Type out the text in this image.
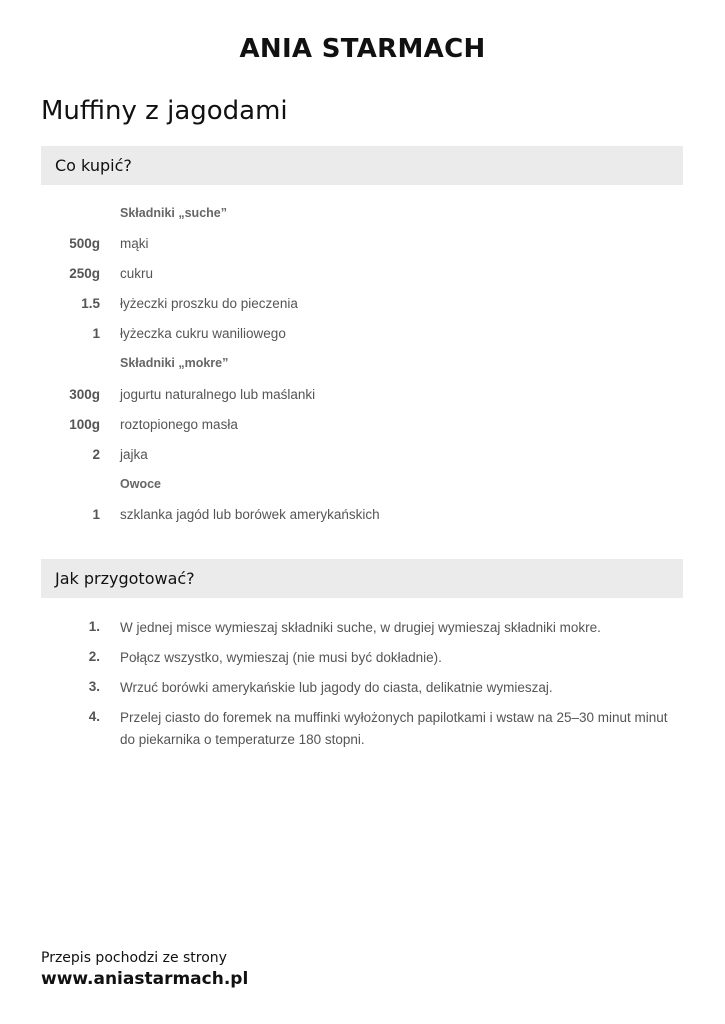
ANIA STARMACH
Muffiny z jagodami
Co kupić?
Składniki „suche”
500g mąki
250g cukru
1.5 łyżeczki proszku do pieczenia
1 łyżeczka cukru waniliowego
Składniki „mokre”
300g jogurtu naturalnego lub maślanki
100g roztopionego masła
2 jajka
Owoce
1 szklanka jagód lub borówek amerykańskich
Jak przygotować?
1. W jednej misce wymieszaj składniki suche, w drugiej wymieszaj składniki mokre.
2. Połącz wszystko, wymieszaj (nie musi być dokładnie).
3. Wrzuć borówki amerykańskie lub jagody do ciasta, delikatnie wymieszaj.
4. Przelej ciasto do foremek na muffinki wyłożonych papilotkami i wstaw na 25–30 minut minut do piekarnika o temperaturze 180 stopni.
Przepis pochodzi ze strony
www.aniastarmach.pl
